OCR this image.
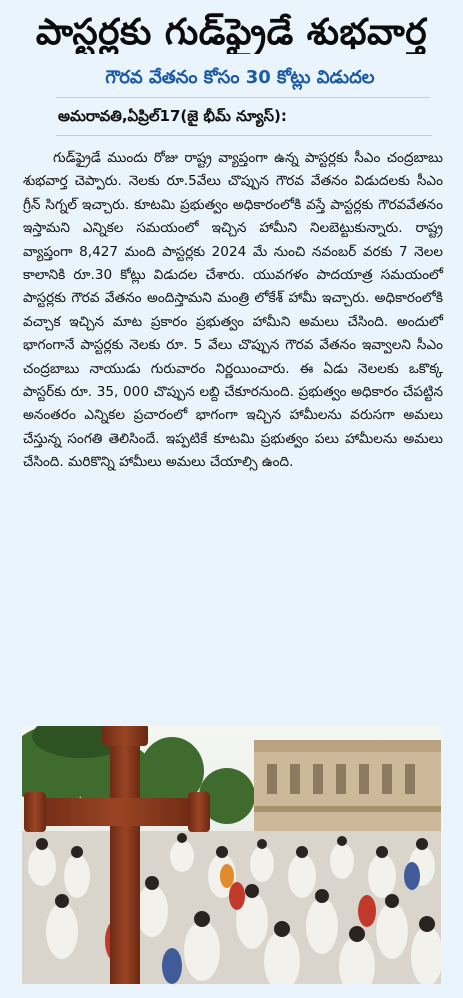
పాస్టర్లకు గుడ్‌ఫ్రైడే శుభవార్త
గౌరవ వేతనం కోసం 30 కోట్లు విడుదల
అమరావతి,ఏప్రిల్17(జై భీమ్ న్యూస్):

గుడ్‌ఫ్రైడే ముందు రోజు రాష్ట్ర వ్యాప్తంగా ఉన్న పాస్టర్లకు సీఎం చంద్రబాబు శుభవార్త చెప్పారు. నెలకు రూ.5వేలు చొప్పున గౌరవ వేతనం విడుదలకు సీఎం గ్రీన్ సిగ్నల్ ఇచ్చారు. కూటమి ప్రభుత్వం అధికారంలోకి వస్తే పాస్టర్లకు గౌరవవేతనం ఇస్తామని ఎన్నికల సమయంలో ఇచ్చిన హామీని నిలబెట్టుకున్నారు. రాష్ట్ర వ్యాప్తంగా 8,427 మంది పాస్టర్లకు 2024 మే నుంచి నవంబర్ వరకు 7 నెలల కాలానికి రూ.30 కోట్లు విడుదల చేశారు. యువగళం పాదయాత్ర సమయంలో పాస్టర్లకు గౌరవ వేతనం అందిస్తామని మంత్రి లోకేశ్ హామీ ఇచ్చారు. అధికారంలోకి వచ్చాక ఇచ్చిన మాట ప్రకారం ప్రభుత్వం హామీని అమలు చేసింది. అందులో భాగంగానే పాస్టర్లకు నెలకు రూ. 5 వేలు చొప్పున గౌరవ వేతనం ఇవ్వాలని సీఎం చంద్రబాబు నాయుడు గురువారం నిర్ణయించారు. ఈ ఏడు నెలలకు ఒకొక్క పాస్టర్‌కు రూ. 35, 000 చొప్పున లబ్ది చేకూరనుంది. ప్రభుత్వం అధికారం చేపట్టిన అనంతరం ఎన్నికల ప్రచారంలో భాగంగా ఇచ్చిన హామీలను వరుసగా అమలు చేస్తున్న సంగతి తెలిసిందే. ఇప్పటికే కూటమి ప్రభుత్వం పలు హామీలను అమలు చేసింది. మరికొన్ని హామీలు అమలు చేయాల్సి ఉంది.
